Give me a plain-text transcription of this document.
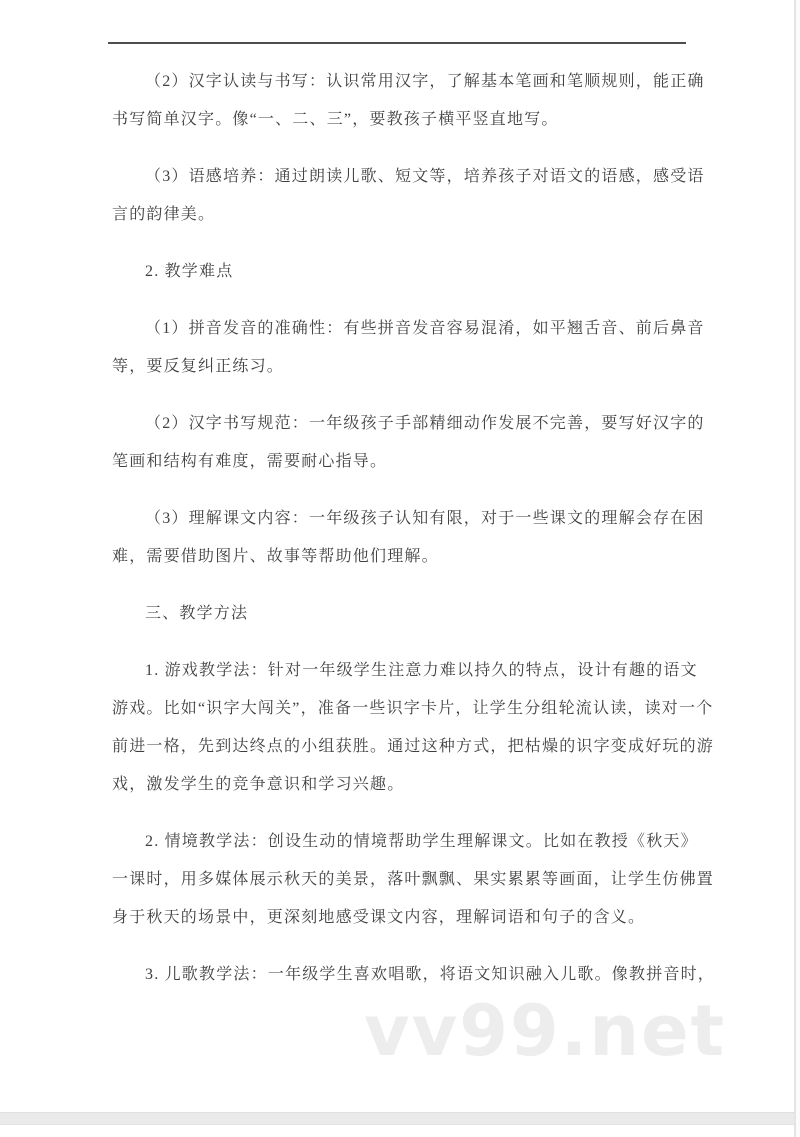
（2）汉字认读与书写：认识常用汉字，了解基本笔画和笔顺规则，能正确
书写简单汉字。像“一、二、三”，要教孩子横平竖直地写。
（3）语感培养：通过朗读儿歌、短文等，培养孩子对语文的语感，感受语
言的韵律美。
2. 教学难点
（1）拼音发音的准确性：有些拼音发音容易混淆，如平翘舌音、前后鼻音
等，要反复纠正练习。
（2）汉字书写规范：一年级孩子手部精细动作发展不完善，要写好汉字的
笔画和结构有难度，需要耐心指导。
（3）理解课文内容：一年级孩子认知有限，对于一些课文的理解会存在困
难，需要借助图片、故事等帮助他们理解。
三、教学方法
1. 游戏教学法：针对一年级学生注意力难以持久的特点，设计有趣的语文
游戏。比如“识字大闯关”，准备一些识字卡片，让学生分组轮流认读，读对一个
前进一格，先到达终点的小组获胜。通过这种方式，把枯燥的识字变成好玩的游
戏，激发学生的竞争意识和学习兴趣。
2. 情境教学法：创设生动的情境帮助学生理解课文。比如在教授《秋天》
一课时，用多媒体展示秋天的美景，落叶飘飘、果实累累等画面，让学生仿佛置
身于秋天的场景中，更深刻地感受课文内容，理解词语和句子的含义。
3. 儿歌教学法：一年级学生喜欢唱歌，将语文知识融入儿歌。像教拼音时，
vv99.net
